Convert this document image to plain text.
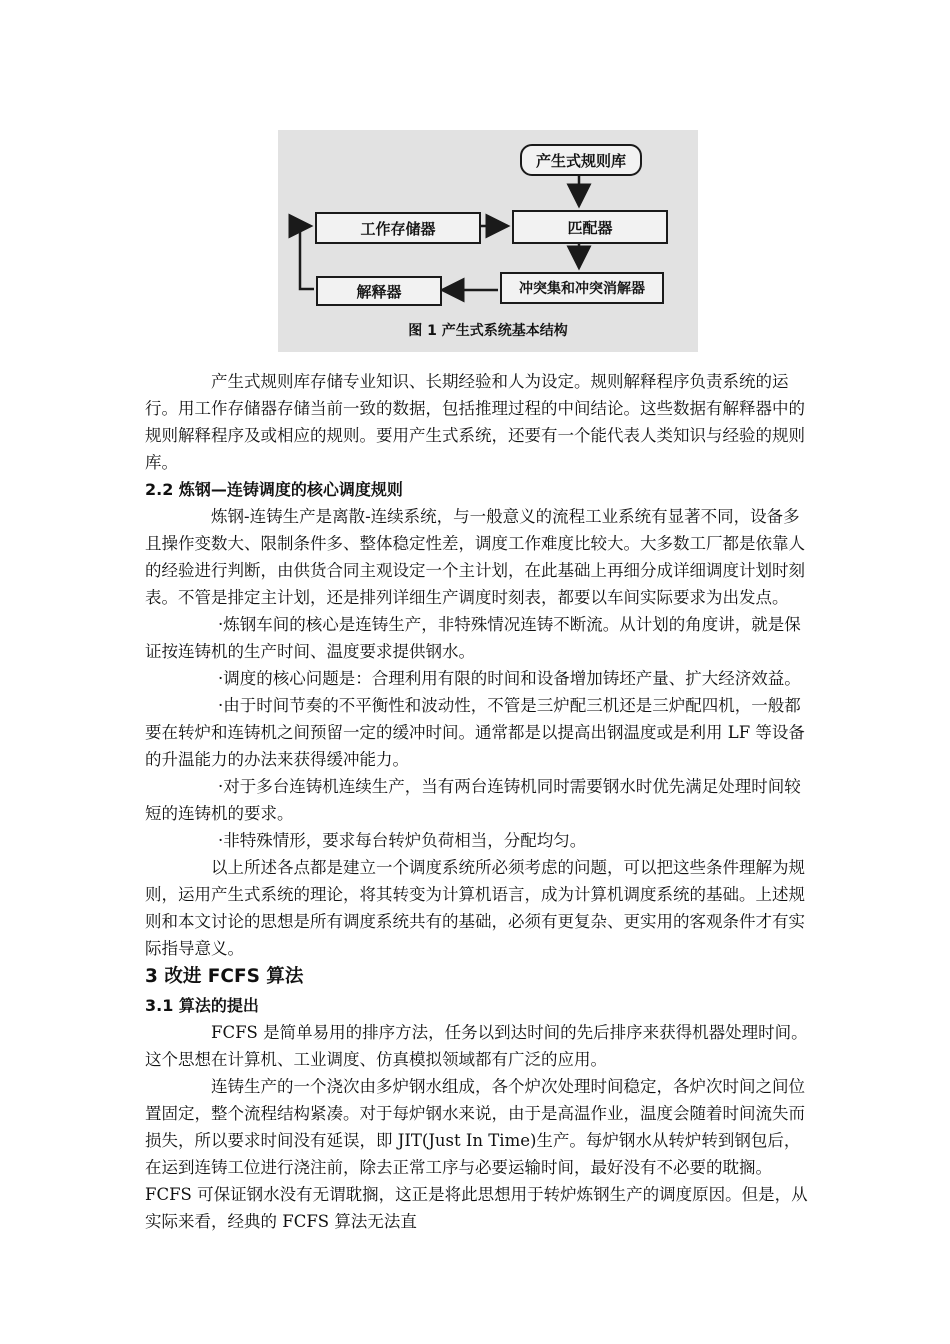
产生式规则库
工作存储器	匹配器
冲突集和冲突消解器
解释器
图 1 产生式系统基本结构

产生式规则库存储专业知识、长期经验和人为设定。规则解释程序负责系统的运行。用工作存储器存储当前一致的数据，包括推理过程的中间结论。这些数据有解释器中的规则解释程序及或相应的规则。要用产生式系统，还要有一个能代表人类知识与经验的规则库。

2.2 炼钢—连铸调度的核心调度规则

炼钢-连铸生产是离散-连续系统，与一般意义的流程工业系统有显著不同，设备多且操作变数大、限制条件多、整体稳定性差，调度工作难度比较大。大多数工厂都是依靠人的经验进行判断，由供货合同主观设定一个主计划，在此基础上再细分成详细调度计划时刻表。不管是排定主计划，还是排列详细生产调度时刻表，都要以车间实际要求为出发点。

·炼钢车间的核心是连铸生产，非特殊情况连铸不断流。从计划的角度讲，就是保证按连铸机的生产时间、温度要求提供钢水。

·调度的核心问题是：合理利用有限的时间和设备增加铸坯产量、扩大经济效益。

·由于时间节奏的不平衡性和波动性，不管是三炉配三机还是三炉配四机，一般都要在转炉和连铸机之间预留一定的缓冲时间。通常都是以提高出钢温度或是利用 LF 等设备的升温能力的办法来获得缓冲能力。

·对于多台连铸机连续生产，当有两台连铸机同时需要钢水时优先满足处理时间较短的连铸机的要求。

·非特殊情形，要求每台转炉负荷相当，分配均匀。

以上所述各点都是建立一个调度系统所必须考虑的问题，可以把这些条件理解为规则，运用产生式系统的理论，将其转变为计算机语言，成为计算机调度系统的基础。上述规则和本文讨论的思想是所有调度系统共有的基础，必须有更复杂、更实用的客观条件才有实际指导意义。

3 改进 FCFS 算法

3.1 算法的提出

FCFS 是简单易用的排序方法，任务以到达时间的先后排序来获得机器处理时间。这个思想在计算机、工业调度、仿真模拟领域都有广泛的应用。

连铸生产的一个浇次由多炉钢水组成，各个炉次处理时间稳定，各炉次时间之间位置固定，整个流程结构紧凑。对于每炉钢水来说，由于是高温作业，温度会随着时间流失而损失，所以要求时间没有延误，即 JIT(Just In Time)生产。每炉钢水从转炉转到钢包后，在运到连铸工位进行浇注前，除去正常工序与必要运输时间，最好没有不必要的耽搁。FCFS 可保证钢水没有无谓耽搁，这正是将此思想用于转炉炼钢生产的调度原因。但是，从实际来看，经典的 FCFS 算法无法直
